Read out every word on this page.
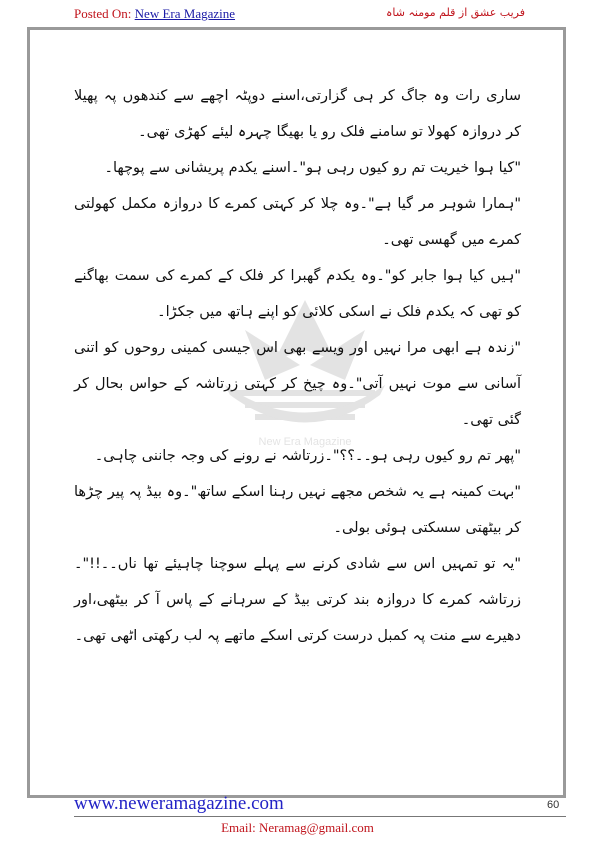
Posted On: New Era Magazine	فریب عشق از قلم مومنہ شاہ
New Era Magazine

ساری رات وہ جاگ کر ہی گزارتی،اسنے دوپٹہ اچھے سے کندھوں پہ پھیلا کر دروازہ کھولا تو سامنے فلک رو یا بھیگا چہرہ لیئے کھڑی تھی۔

"کیا ہوا خیریت تم رو کیوں رہی ہو"۔اسنے یکدم پریشانی سے پوچھا۔

"ہمارا شوہر مر گیا ہے"۔وہ چلا کر کہتی کمرے کا دروازہ مکمل کھولتی کمرے میں گھسی تھی۔

"ہیں کیا ہوا جابر کو"۔وہ یکدم گھبرا کر فلک کے کمرے کی سمت بھاگنے کو تھی کہ یکدم فلک نے اسکی کلائی کو اپنے ہاتھ میں جکڑا۔

"زندہ ہے ابھی مرا نہیں اور ویسے بھی اس جیسی کمینی روحوں کو اتنی آسانی سے موت نہیں آتی"۔وہ چیخ کر کہتی زرتاشہ کے حواس بحال کر گئی تھی۔

"پھر تم رو کیوں رہی ہو۔۔؟؟"۔زرتاشہ نے رونے کی وجہ جاننی چاہی۔

"بہت کمینہ ہے یہ شخص مجھے نہیں رہنا اسکے ساتھ"۔وہ بیڈ پہ پیر چڑھا کر بیٹھتی سسکتی ہوئی بولی۔

"یہ تو تمہیں اس سے شادی کرنے سے پہلے سوچنا چاہیئے تھا ناں۔۔!!"۔زرتاشہ کمرے کا دروازہ بند کرتی بیڈ کے سرہانے کے پاس آ کر بیٹھی،اور دھیرے سے منت پہ کمبل درست کرتی اسکے ماتھے پہ لب رکھتی اٹھی تھی۔

www.neweramagazine.com	60
Email: Neramag@gmail.com
